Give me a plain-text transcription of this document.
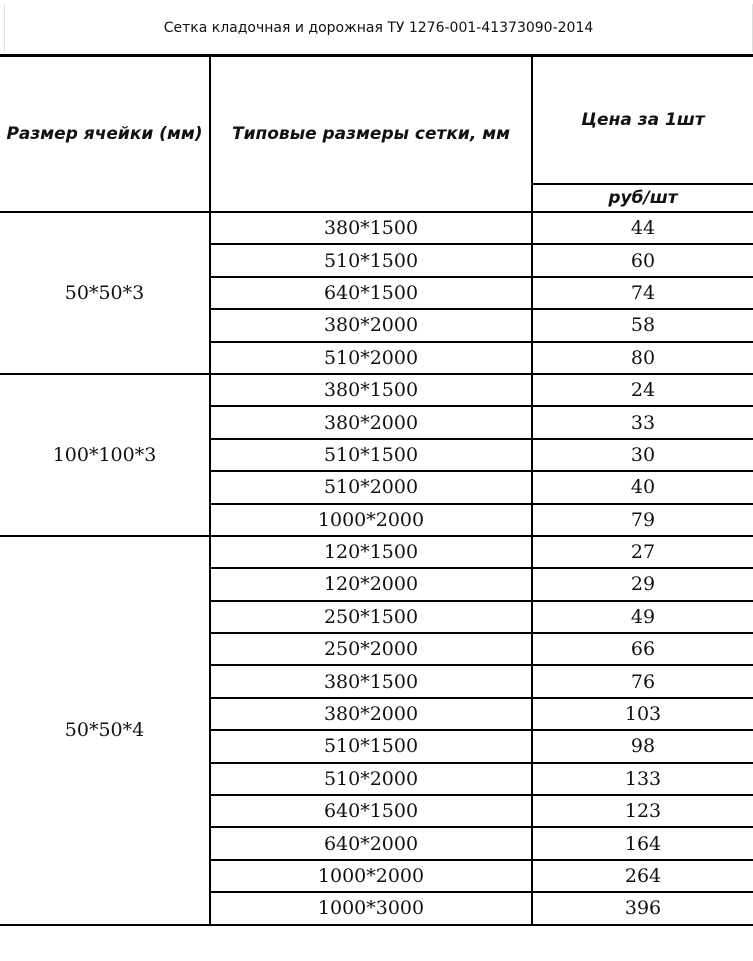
Сетка кладочная и дорожная ТУ 1276-001-41373090-2014
Размер ячейки (мм)	Типовые размеры сетки, мм	Цена за 1шт
		руб/шт
50*50*3	380*1500	44
	510*1500	60
	640*1500	74
	380*2000	58
	510*2000	80
100*100*3	380*1500	24
	380*2000	33
	510*1500	30
	510*2000	40
	1000*2000	79
50*50*4	120*1500	27
	120*2000	29
	250*1500	49
	250*2000	66
	380*1500	76
	380*2000	103
	510*1500	98
	510*2000	133
	640*1500	123
	640*2000	164
	1000*2000	264
	1000*3000	396
